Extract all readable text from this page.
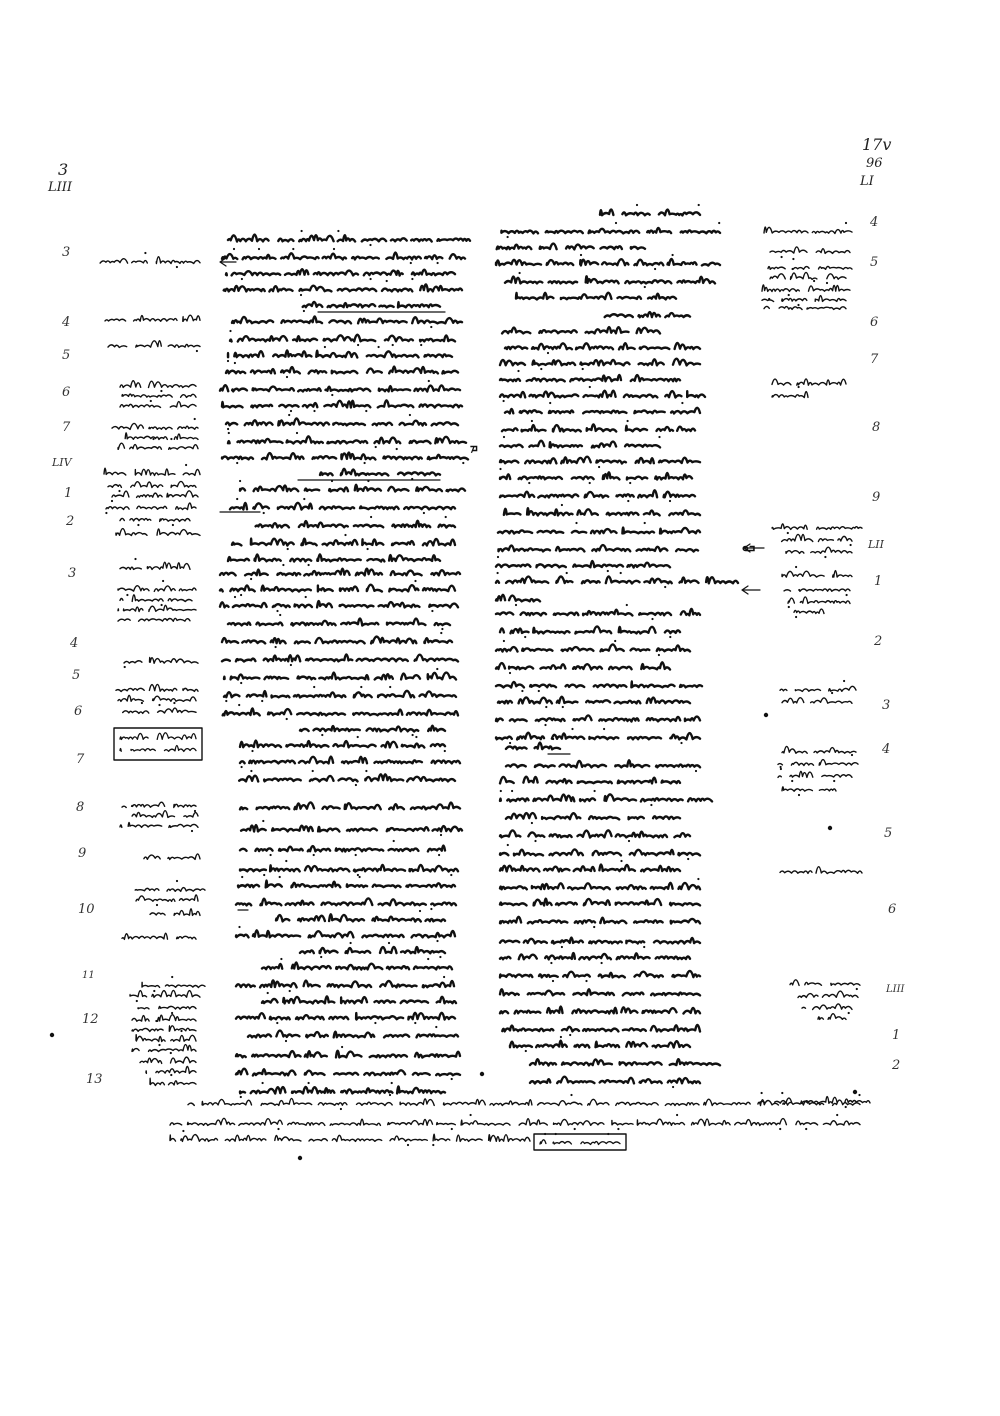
3
LIII
17v
96
LI
3
4
5
6
7
LIV
1
2
3
4
5
6
7
8
9
10
11
12
13
4
5
6
7
8
9
LII
1
2
3
4
5
6
LIII
1
2
ܡ
ܒܘ
